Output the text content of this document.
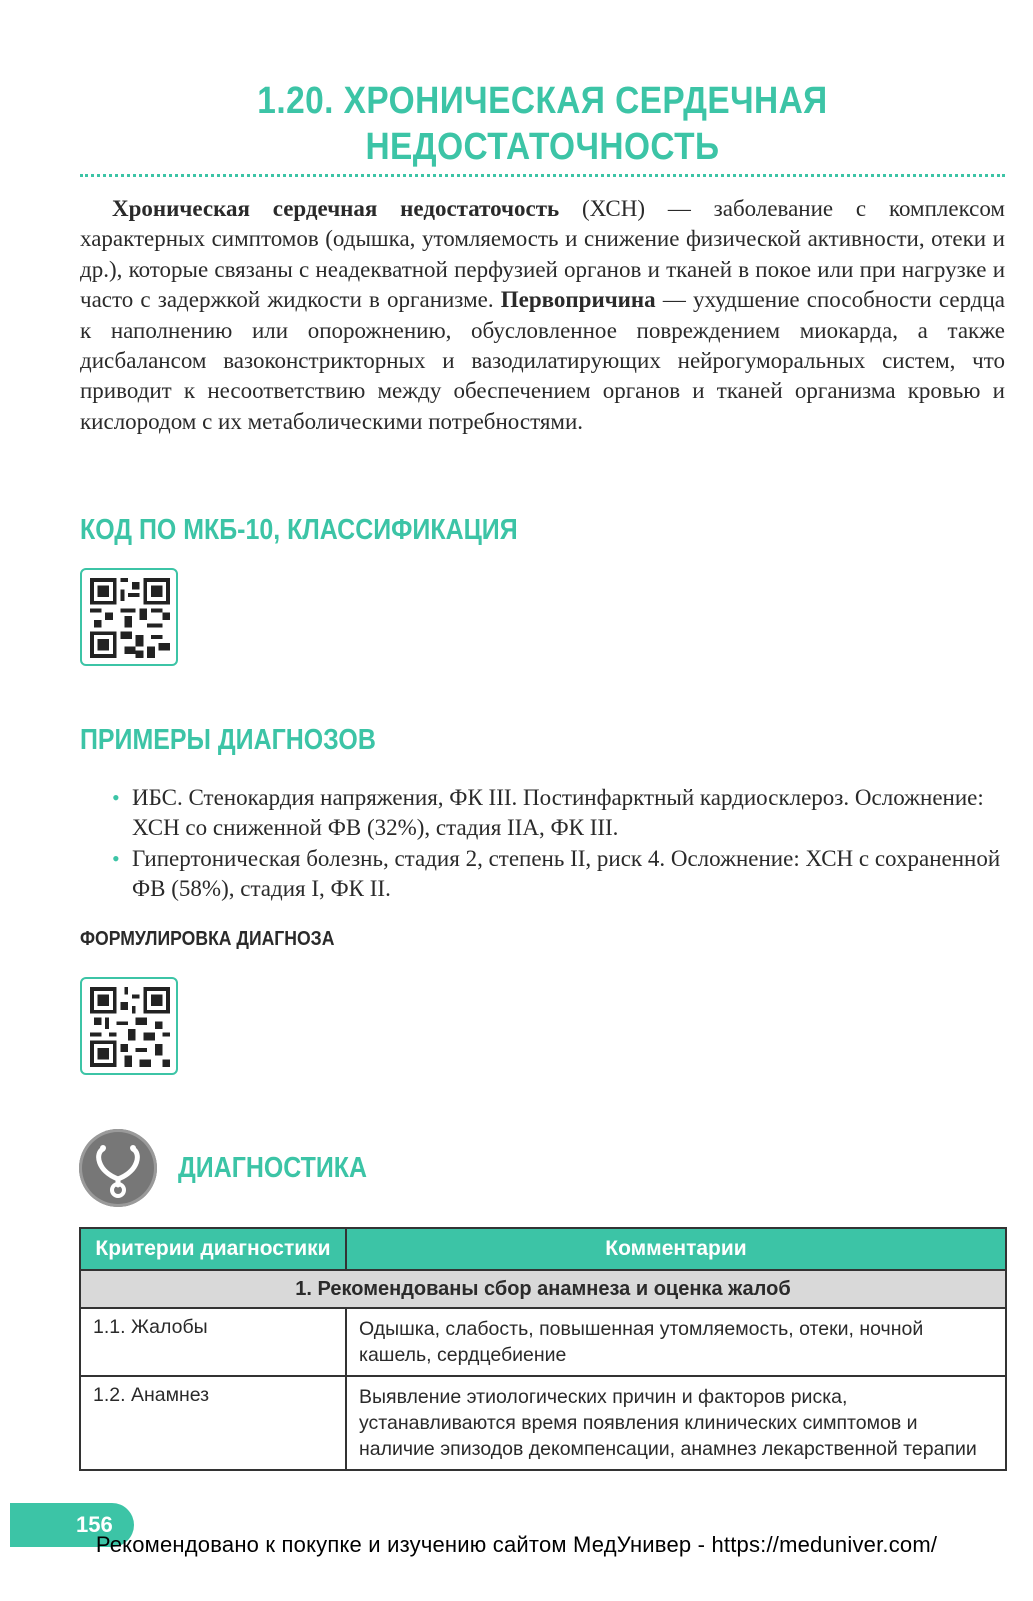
1.20. ХРОНИЧЕСКАЯ СЕРДЕЧНАЯ
НЕДОСТАТОЧНОСТЬ

Хроническая сердечная недостаточость (ХСН) — заболевание с комплексом характерных симптомов (одышка, утомляемость и снижение физической активности, отеки и др.), которые связаны с неадекватной перфузией органов и тканей в покое или при нагрузке и часто с задержкой жидкости в организме. Первопричина — ухудшение способности сердца к наполнению или опорожнению, обусловленное повреждением миокарда, а также дисбалансом вазоконстрикторных и вазодилатирующих нейрогуморальных систем, что приводит к несоответствию между обеспечением органов и тканей организма кровью и кислородом с их метаболическими потребностями.

КОД ПО МКБ-10, КЛАССИФИКАЦИЯ
ПРИМЕРЫ ДИАГНОЗОВ
• ИБС. Стенокардия напряжения, ФК III. Постинфарктный кардиосклероз. Осложнение: ХСН со сниженной ФВ (32%), стадия IIА, ФК III.
• Гипертоническая болезнь, стадия 2, степень II, риск 4. Осложнение: ХСН с сохраненной ФВ (58%), стадия I, ФК II.
ФОРМУЛИРОВКА ДИАГНОЗА
ДИАГНОСТИКА
Критерии диагностики	Комментарии
1. Рекомендованы сбор анамнеза и оценка жалоб	
1.1. Жалобы	Одышка, слабость, повышенная утомляемость, отеки, ночной кашель, сердцебиение
1.2. Анамнез	Выявление этиологических причин и факторов риска, устанавливаются время появления клинических симптомов и наличие эпизодов декомпенсации, анамнез лекарственной терапии
156
Рекомендовано к покупке и изучению сайтом МедУнивер - https://meduniver.com/
